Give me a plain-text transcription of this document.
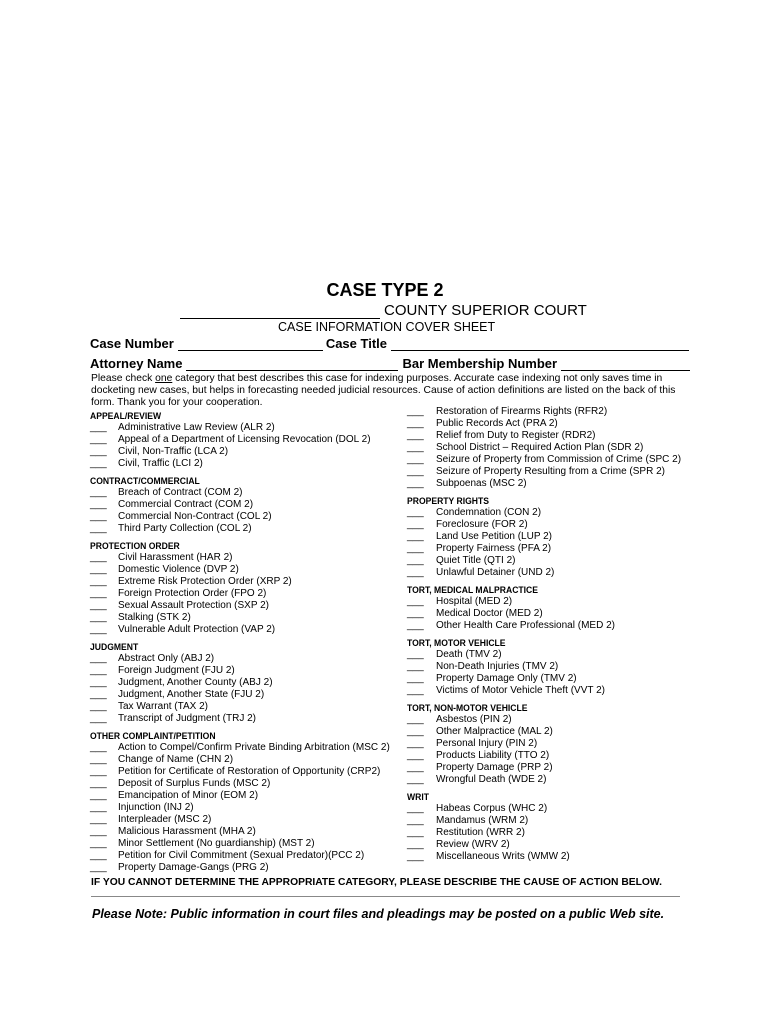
CASE TYPE 2
COUNTY SUPERIOR COURT
CASE INFORMATION COVER SHEET
Case Number	Case Title
Attorney Name	Bar Membership Number
Please check one category that best describes this case for indexing purposes. Accurate case indexing not only saves time in docketing new cases, but helps in forecasting needed judicial resources. Cause of action definitions are listed on the back of this form. Thank you for your cooperation.
APPEAL/REVIEW
___	Administrative Law Review (ALR 2)
___	Appeal of a Department of Licensing Revocation (DOL 2)
___	Civil, Non-Traffic (LCA 2)
___	Civil, Traffic (LCI 2)
CONTRACT/COMMERCIAL
___	Breach of Contract (COM 2)
___	Commercial Contract (COM 2)
___	Commercial Non-Contract (COL 2)
___	Third Party Collection (COL 2)
PROTECTION ORDER
___	Civil Harassment (HAR 2)
___	Domestic Violence (DVP 2)
___	Extreme Risk Protection Order (XRP 2)
___	Foreign Protection Order (FPO 2)
___	Sexual Assault Protection (SXP 2)
___	Stalking (STK 2)
___	Vulnerable Adult Protection (VAP 2)
JUDGMENT
___	Abstract Only (ABJ 2)
___	Foreign Judgment (FJU 2)
___	Judgment, Another County (ABJ 2)
___	Judgment, Another State (FJU 2)
___	Tax Warrant (TAX 2)
___	Transcript of Judgment (TRJ 2)
OTHER COMPLAINT/PETITION
___	Action to Compel/Confirm Private Binding Arbitration (MSC 2)
___	Change of Name (CHN 2)
___	Petition for Certificate of Restoration of Opportunity (CRP2)
___	Deposit of Surplus Funds (MSC 2)
___	Emancipation of Minor (EOM 2)
___	Injunction (INJ 2)
___	Interpleader (MSC 2)
___	Malicious Harassment (MHA 2)
___	Minor Settlement (No guardianship) (MST 2)
___	Petition for Civil Commitment (Sexual Predator)(PCC 2)
___	Property Damage-Gangs (PRG 2)
___	Restoration of Firearms Rights (RFR2)
___	Public Records Act (PRA 2)
___	Relief from Duty to Register (RDR2)
___	School District – Required Action Plan (SDR 2)
___	Seizure of Property from Commission of Crime (SPC 2)
___	Seizure of Property Resulting from a Crime (SPR 2)
___	Subpoenas (MSC 2)
PROPERTY RIGHTS
___	Condemnation (CON 2)
___	Foreclosure (FOR 2)
___	Land Use Petition (LUP 2)
___	Property Fairness (PFA 2)
___	Quiet Title (QTI 2)
___	Unlawful Detainer (UND 2)
TORT, MEDICAL MALPRACTICE
___	Hospital (MED 2)
___	Medical Doctor (MED 2)
___	Other Health Care Professional (MED 2)
TORT, MOTOR VEHICLE
___	Death (TMV 2)
___	Non-Death Injuries (TMV 2)
___	Property Damage Only (TMV 2)
___	Victims of Motor Vehicle Theft (VVT 2)
TORT, NON-MOTOR VEHICLE
___	Asbestos (PIN 2)
___	Other Malpractice (MAL 2)
___	Personal Injury (PIN 2)
___	Products Liability (TTO 2)
___	Property Damage (PRP 2)
___	Wrongful Death (WDE 2)
WRIT
___	Habeas Corpus (WHC 2)
___	Mandamus (WRM 2)
___	Restitution (WRR 2)
___	Review (WRV 2)
___	Miscellaneous Writs (WMW 2)
IF YOU CANNOT DETERMINE THE APPROPRIATE CATEGORY, PLEASE DESCRIBE THE CAUSE OF ACTION BELOW.
Please Note: Public information in court files and pleadings may be posted on a public Web site.
